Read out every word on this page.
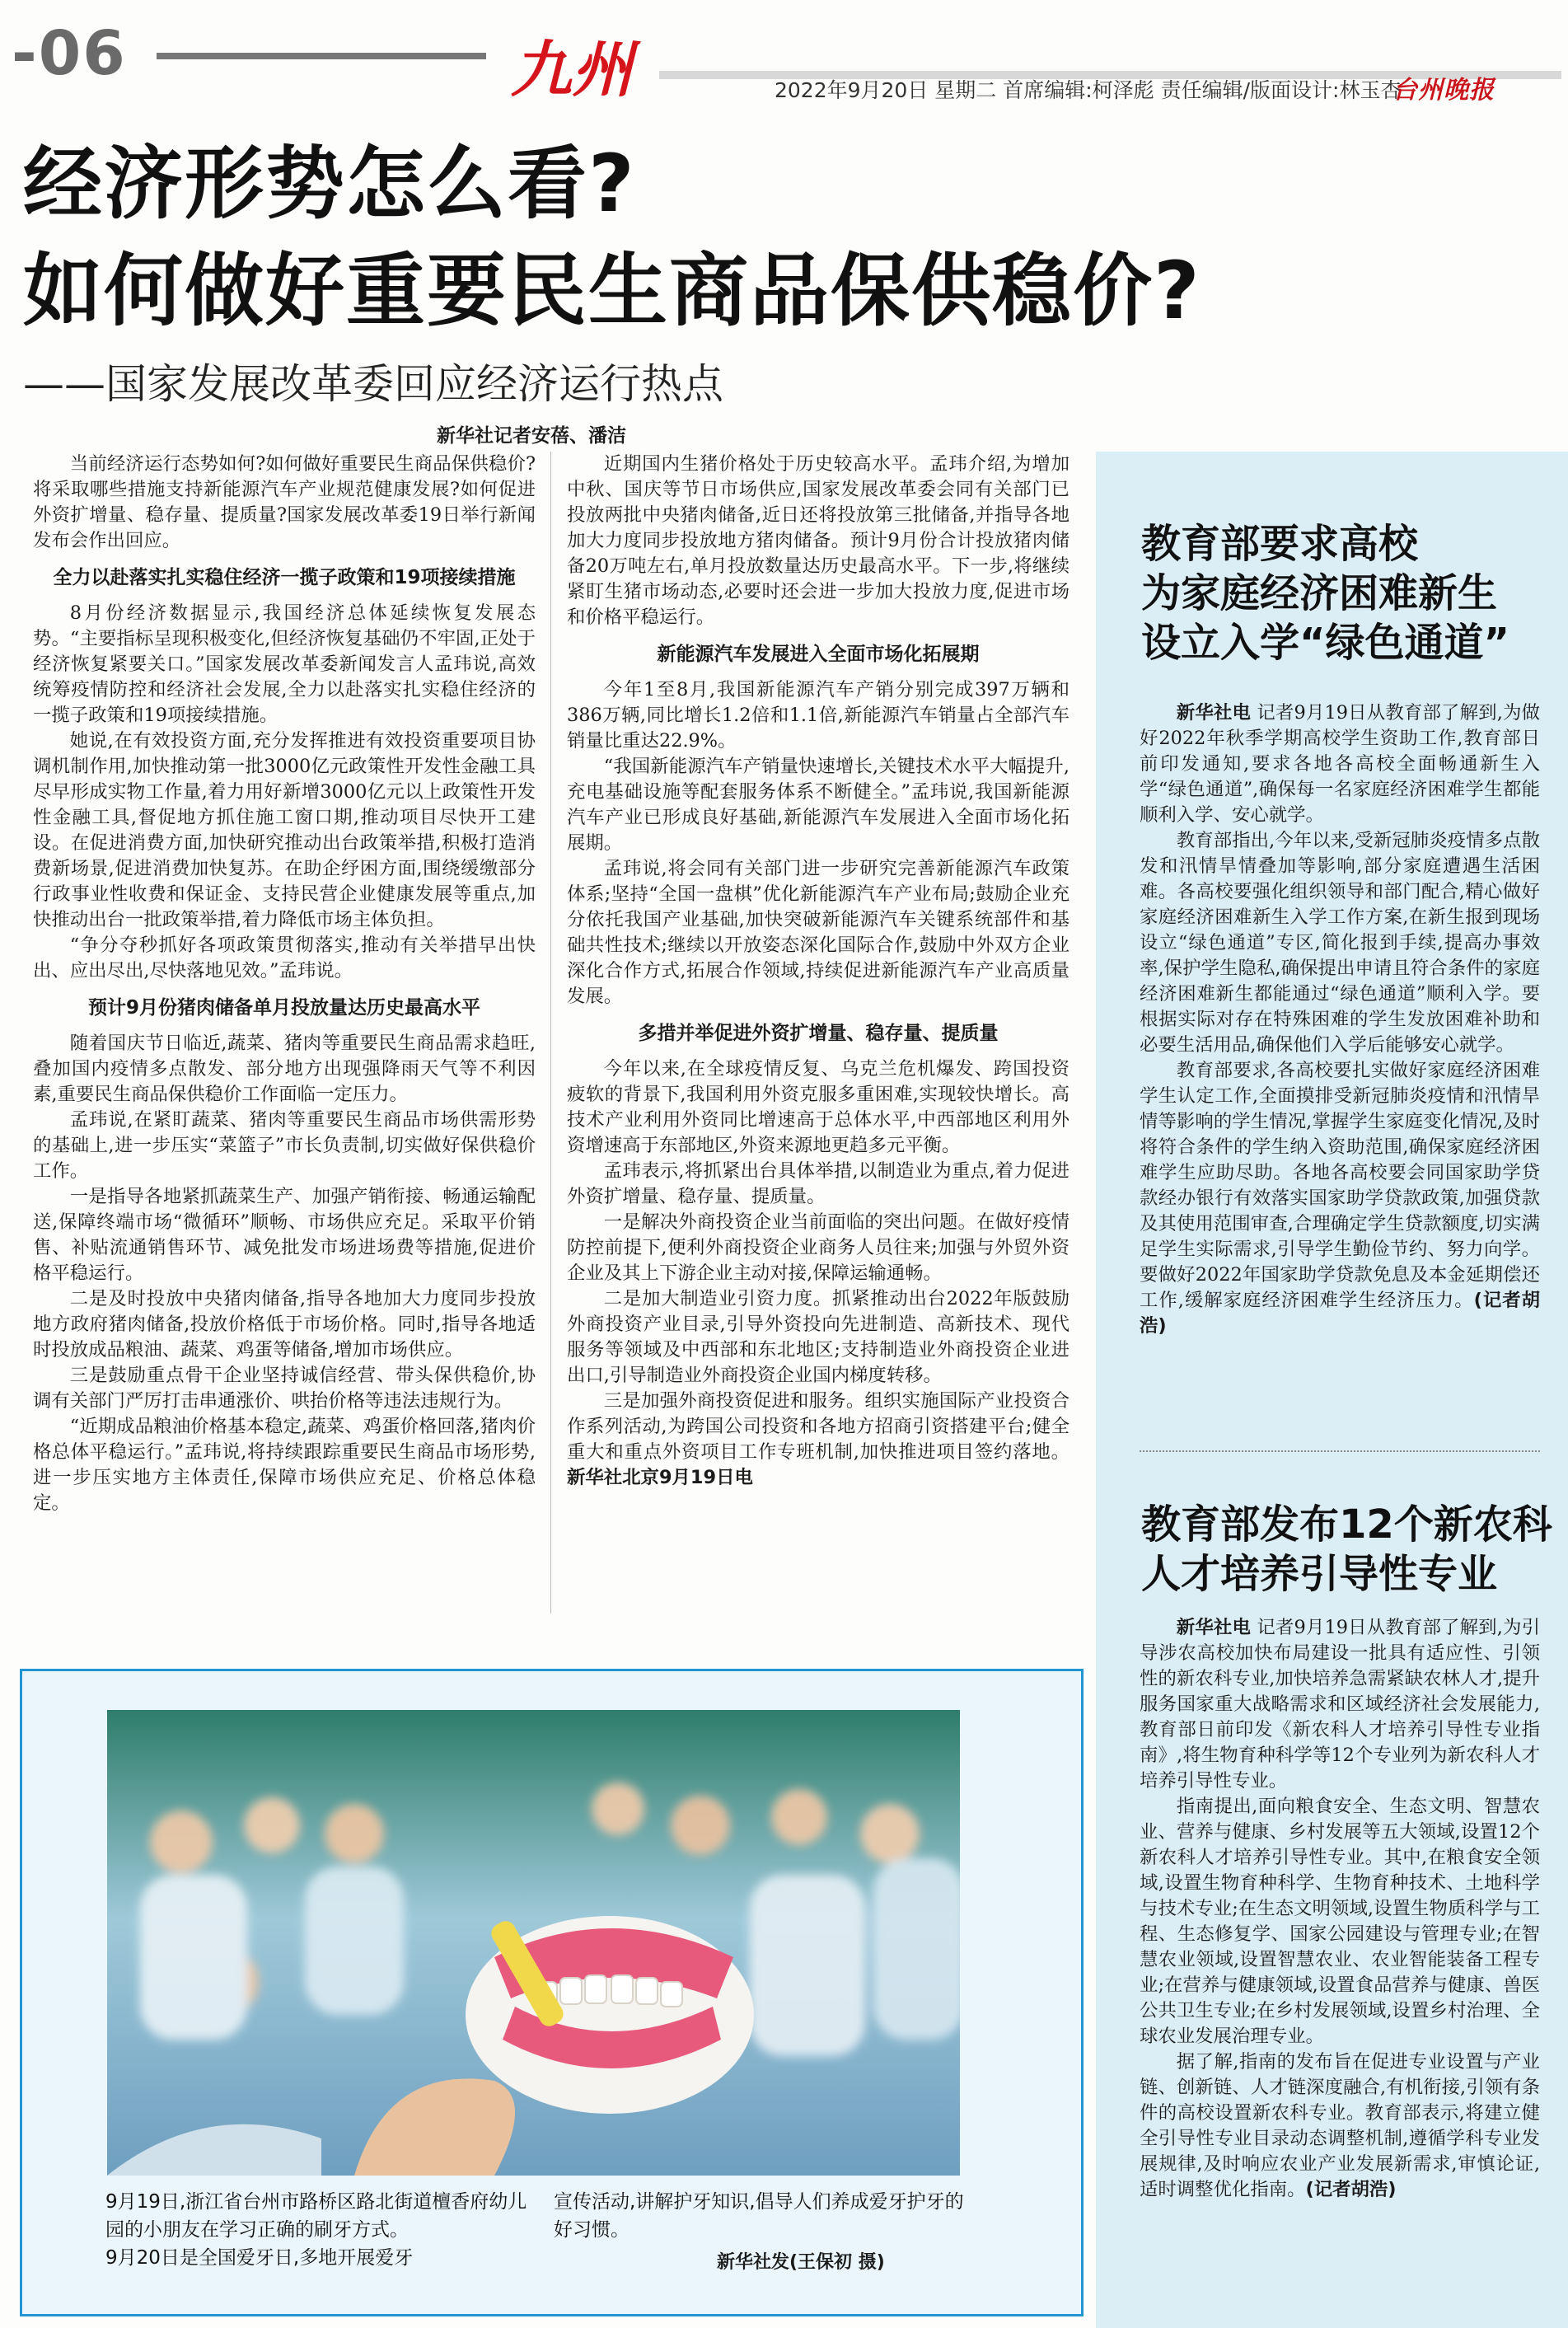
-06	九州	2022年9月20日 星期二 首席编辑:柯泽彪 责任编辑/版面设计:林玉杏
台州晚报
经济形势怎么看?
如何做好重要民生商品保供稳价?
——国家发展改革委回应经济运行热点
新华社记者安蓓、潘洁

当前经济运行态势如何?如何做好重要民生商品保供稳价?将采取哪些措施支持新能源汽车产业规范健康发展?如何促进外资扩增量、稳存量、提质量?国家发展改革委19日举行新闻发布会作出回应。

全力以赴落实扎实稳住经济一揽子政策和19项接续措施

8月份经济数据显示,我国经济总体延续恢复发展态势。“主要指标呈现积极变化,但经济恢复基础仍不牢固,正处于经济恢复紧要关口。”国家发展改革委新闻发言人孟玮说,高效统筹疫情防控和经济社会发展,全力以赴落实扎实稳住经济的一揽子政策和19项接续措施。

她说,在有效投资方面,充分发挥推进有效投资重要项目协调机制作用,加快推动第一批3000亿元政策性开发性金融工具尽早形成实物工作量,着力用好新增3000亿元以上政策性开发性金融工具,督促地方抓住施工窗口期,推动项目尽快开工建设。在促进消费方面,加快研究推动出台政策举措,积极打造消费新场景,促进消费加快复苏。在助企纾困方面,围绕缓缴部分行政事业性收费和保证金、支持民营企业健康发展等重点,加快推动出台一批政策举措,着力降低市场主体负担。

“争分夺秒抓好各项政策贯彻落实,推动有关举措早出快出、应出尽出,尽快落地见效。”孟玮说。

预计9月份猪肉储备单月投放量达历史最高水平

随着国庆节日临近,蔬菜、猪肉等重要民生商品需求趋旺,叠加国内疫情多点散发、部分地方出现强降雨天气等不利因素,重要民生商品保供稳价工作面临一定压力。

孟玮说,在紧盯蔬菜、猪肉等重要民生商品市场供需形势的基础上,进一步压实“菜篮子”市长负责制,切实做好保供稳价工作。

一是指导各地紧抓蔬菜生产、加强产销衔接、畅通运输配送,保障终端市场“微循环”顺畅、市场供应充足。采取平价销售、补贴流通销售环节、减免批发市场进场费等措施,促进价格平稳运行。

二是及时投放中央猪肉储备,指导各地加大力度同步投放地方政府猪肉储备,投放价格低于市场价格。同时,指导各地适时投放成品粮油、蔬菜、鸡蛋等储备,增加市场供应。

三是鼓励重点骨干企业坚持诚信经营、带头保供稳价,协调有关部门严厉打击串通涨价、哄抬价格等违法违规行为。

“近期成品粮油价格基本稳定,蔬菜、鸡蛋价格回落,猪肉价格总体平稳运行。”孟玮说,将持续跟踪重要民生商品市场形势,进一步压实地方主体责任,保障市场供应充足、价格总体稳定。

近期国内生猪价格处于历史较高水平。孟玮介绍,为增加中秋、国庆等节日市场供应,国家发展改革委会同有关部门已投放两批中央猪肉储备,近日还将投放第三批储备,并指导各地加大力度同步投放地方猪肉储备。预计9月份合计投放猪肉储备20万吨左右,单月投放数量达历史最高水平。下一步,将继续紧盯生猪市场动态,必要时还会进一步加大投放力度,促进市场和价格平稳运行。

新能源汽车发展进入全面市场化拓展期

今年1至8月,我国新能源汽车产销分别完成397万辆和386万辆,同比增长1.2倍和1.1倍,新能源汽车销量占全部汽车销量比重达22.9%。

“我国新能源汽车产销量快速增长,关键技术水平大幅提升,充电基础设施等配套服务体系不断健全。”孟玮说,我国新能源汽车产业已形成良好基础,新能源汽车发展进入全面市场化拓展期。

孟玮说,将会同有关部门进一步研究完善新能源汽车政策体系;坚持“全国一盘棋”优化新能源汽车产业布局;鼓励企业充分依托我国产业基础,加快突破新能源汽车关键系统部件和基础共性技术;继续以开放姿态深化国际合作,鼓励中外双方企业深化合作方式,拓展合作领域,持续促进新能源汽车产业高质量发展。

多措并举促进外资扩增量、稳存量、提质量

今年以来,在全球疫情反复、乌克兰危机爆发、跨国投资疲软的背景下,我国利用外资克服多重困难,实现较快增长。高技术产业利用外资同比增速高于总体水平,中西部地区利用外资增速高于东部地区,外资来源地更趋多元平衡。

孟玮表示,将抓紧出台具体举措,以制造业为重点,着力促进外资扩增量、稳存量、提质量。

一是解决外商投资企业当前面临的突出问题。在做好疫情防控前提下,便利外商投资企业商务人员往来;加强与外贸外资企业及其上下游企业主动对接,保障运输通畅。

二是加大制造业引资力度。抓紧推动出台2022年版鼓励外商投资产业目录,引导外资投向先进制造、高新技术、现代服务等领域及中西部和东北地区;支持制造业外商投资企业进出口,引导制造业外商投资企业国内梯度转移。

三是加强外商投资促进和服务。组织实施国际产业投资合作系列活动,为跨国公司投资和各地方招商引资搭建平台;健全重大和重点外资项目工作专班机制,加快推进项目签约落地。 新华社北京9月19日电

教育部要求高校
为家庭经济困难新生
设立入学“绿色通道”

新华社电 记者9月19日从教育部了解到,为做好2022年秋季学期高校学生资助工作,教育部日前印发通知,要求各地各高校全面畅通新生入学“绿色通道”,确保每一名家庭经济困难学生都能顺利入学、安心就学。

教育部指出,今年以来,受新冠肺炎疫情多点散发和汛情旱情叠加等影响,部分家庭遭遇生活困难。各高校要强化组织领导和部门配合,精心做好家庭经济困难新生入学工作方案,在新生报到现场设立“绿色通道”专区,简化报到手续,提高办事效率,保护学生隐私,确保提出申请且符合条件的家庭经济困难新生都能通过“绿色通道”顺利入学。要根据实际对存在特殊困难的学生发放困难补助和必要生活用品,确保他们入学后能够安心就学。

教育部要求,各高校要扎实做好家庭经济困难学生认定工作,全面摸排受新冠肺炎疫情和汛情旱情等影响的学生情况,掌握学生家庭变化情况,及时将符合条件的学生纳入资助范围,确保家庭经济困难学生应助尽助。各地各高校要会同国家助学贷款经办银行有效落实国家助学贷款政策,加强贷款及其使用范围审查,合理确定学生贷款额度,切实满足学生实际需求,引导学生勤俭节约、努力向学。要做好2022年国家助学贷款免息及本金延期偿还工作,缓解家庭经济困难学生经济压力。(记者胡浩)

教育部发布12个新农科
人才培养引导性专业

新华社电 记者9月19日从教育部了解到,为引导涉农高校加快布局建设一批具有适应性、引领性的新农科专业,加快培养急需紧缺农林人才,提升服务国家重大战略需求和区域经济社会发展能力,教育部日前印发《新农科人才培养引导性专业指南》,将生物育种科学等12个专业列为新农科人才培养引导性专业。

指南提出,面向粮食安全、生态文明、智慧农业、营养与健康、乡村发展等五大领域,设置12个新农科人才培养引导性专业。其中,在粮食安全领域,设置生物育种科学、生物育种技术、土地科学与技术专业;在生态文明领域,设置生物质科学与工程、生态修复学、国家公园建设与管理专业;在智慧农业领域,设置智慧农业、农业智能装备工程专业;在营养与健康领域,设置食品营养与健康、兽医公共卫生专业;在乡村发展领域,设置乡村治理、全球农业发展治理专业。

据了解,指南的发布旨在促进专业设置与产业链、创新链、人才链深度融合,有机衔接,引领有条件的高校设置新农科专业。教育部表示,将建立健全引导性专业目录动态调整机制,遵循学科专业发展规律,及时响应农业产业发展新需求,审慎论证,适时调整优化指南。(记者胡浩)

9月19日,浙江省台州市路桥区路北街道檀香府幼儿园的小朋友在学习正确的刷牙方式。
9月20日是全国爱牙日,多地开展爱牙
宣传活动,讲解护牙知识,倡导人们养成爱牙护牙的好习惯。
新华社发(王保初 摄)
